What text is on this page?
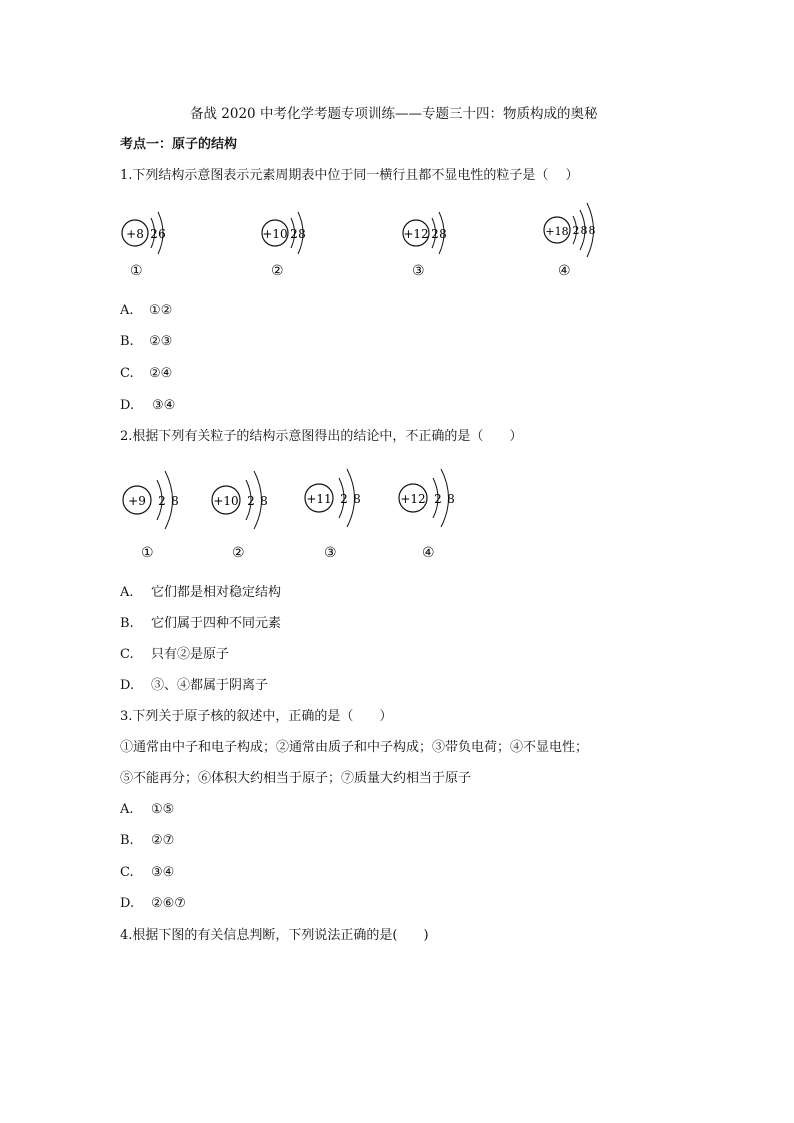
备战 2020 中考化学考题专项训练——专题三十四：物质构成的奥秘
考点一：原子的结构
1.下列结构示意图表示元素周期表中位于同一横行且都不显电性的粒子是（　 ）
+8 2 6
①
+10 2 8
②
+12 2 8
③
+18 2 8 8
④
A. ①②
B. ②③
C. ②④
D. ③④
2.根据下列有关粒子的结构示意图得出的结论中，不正确的是（　　）
+9 2 8
①
+10 2 8
②
+11 2 8
③
+12 2 8
④
A. 它们都是相对稳定结构
B. 它们属于四种不同元素
C. 只有②是原子
D. ③、④都属于阴离子
3.下列关于原子核的叙述中，正确的是（　　）
①通常由中子和电子构成；②通常由质子和中子构成；③带负电荷；④不显电性；
⑤不能再分；⑥体积大约相当于原子；⑦质量大约相当于原子
A. ①⑤
B. ②⑦
C. ③④
D. ②⑥⑦
4.根据下图的有关信息判断，下列说法正确的是(　　)
